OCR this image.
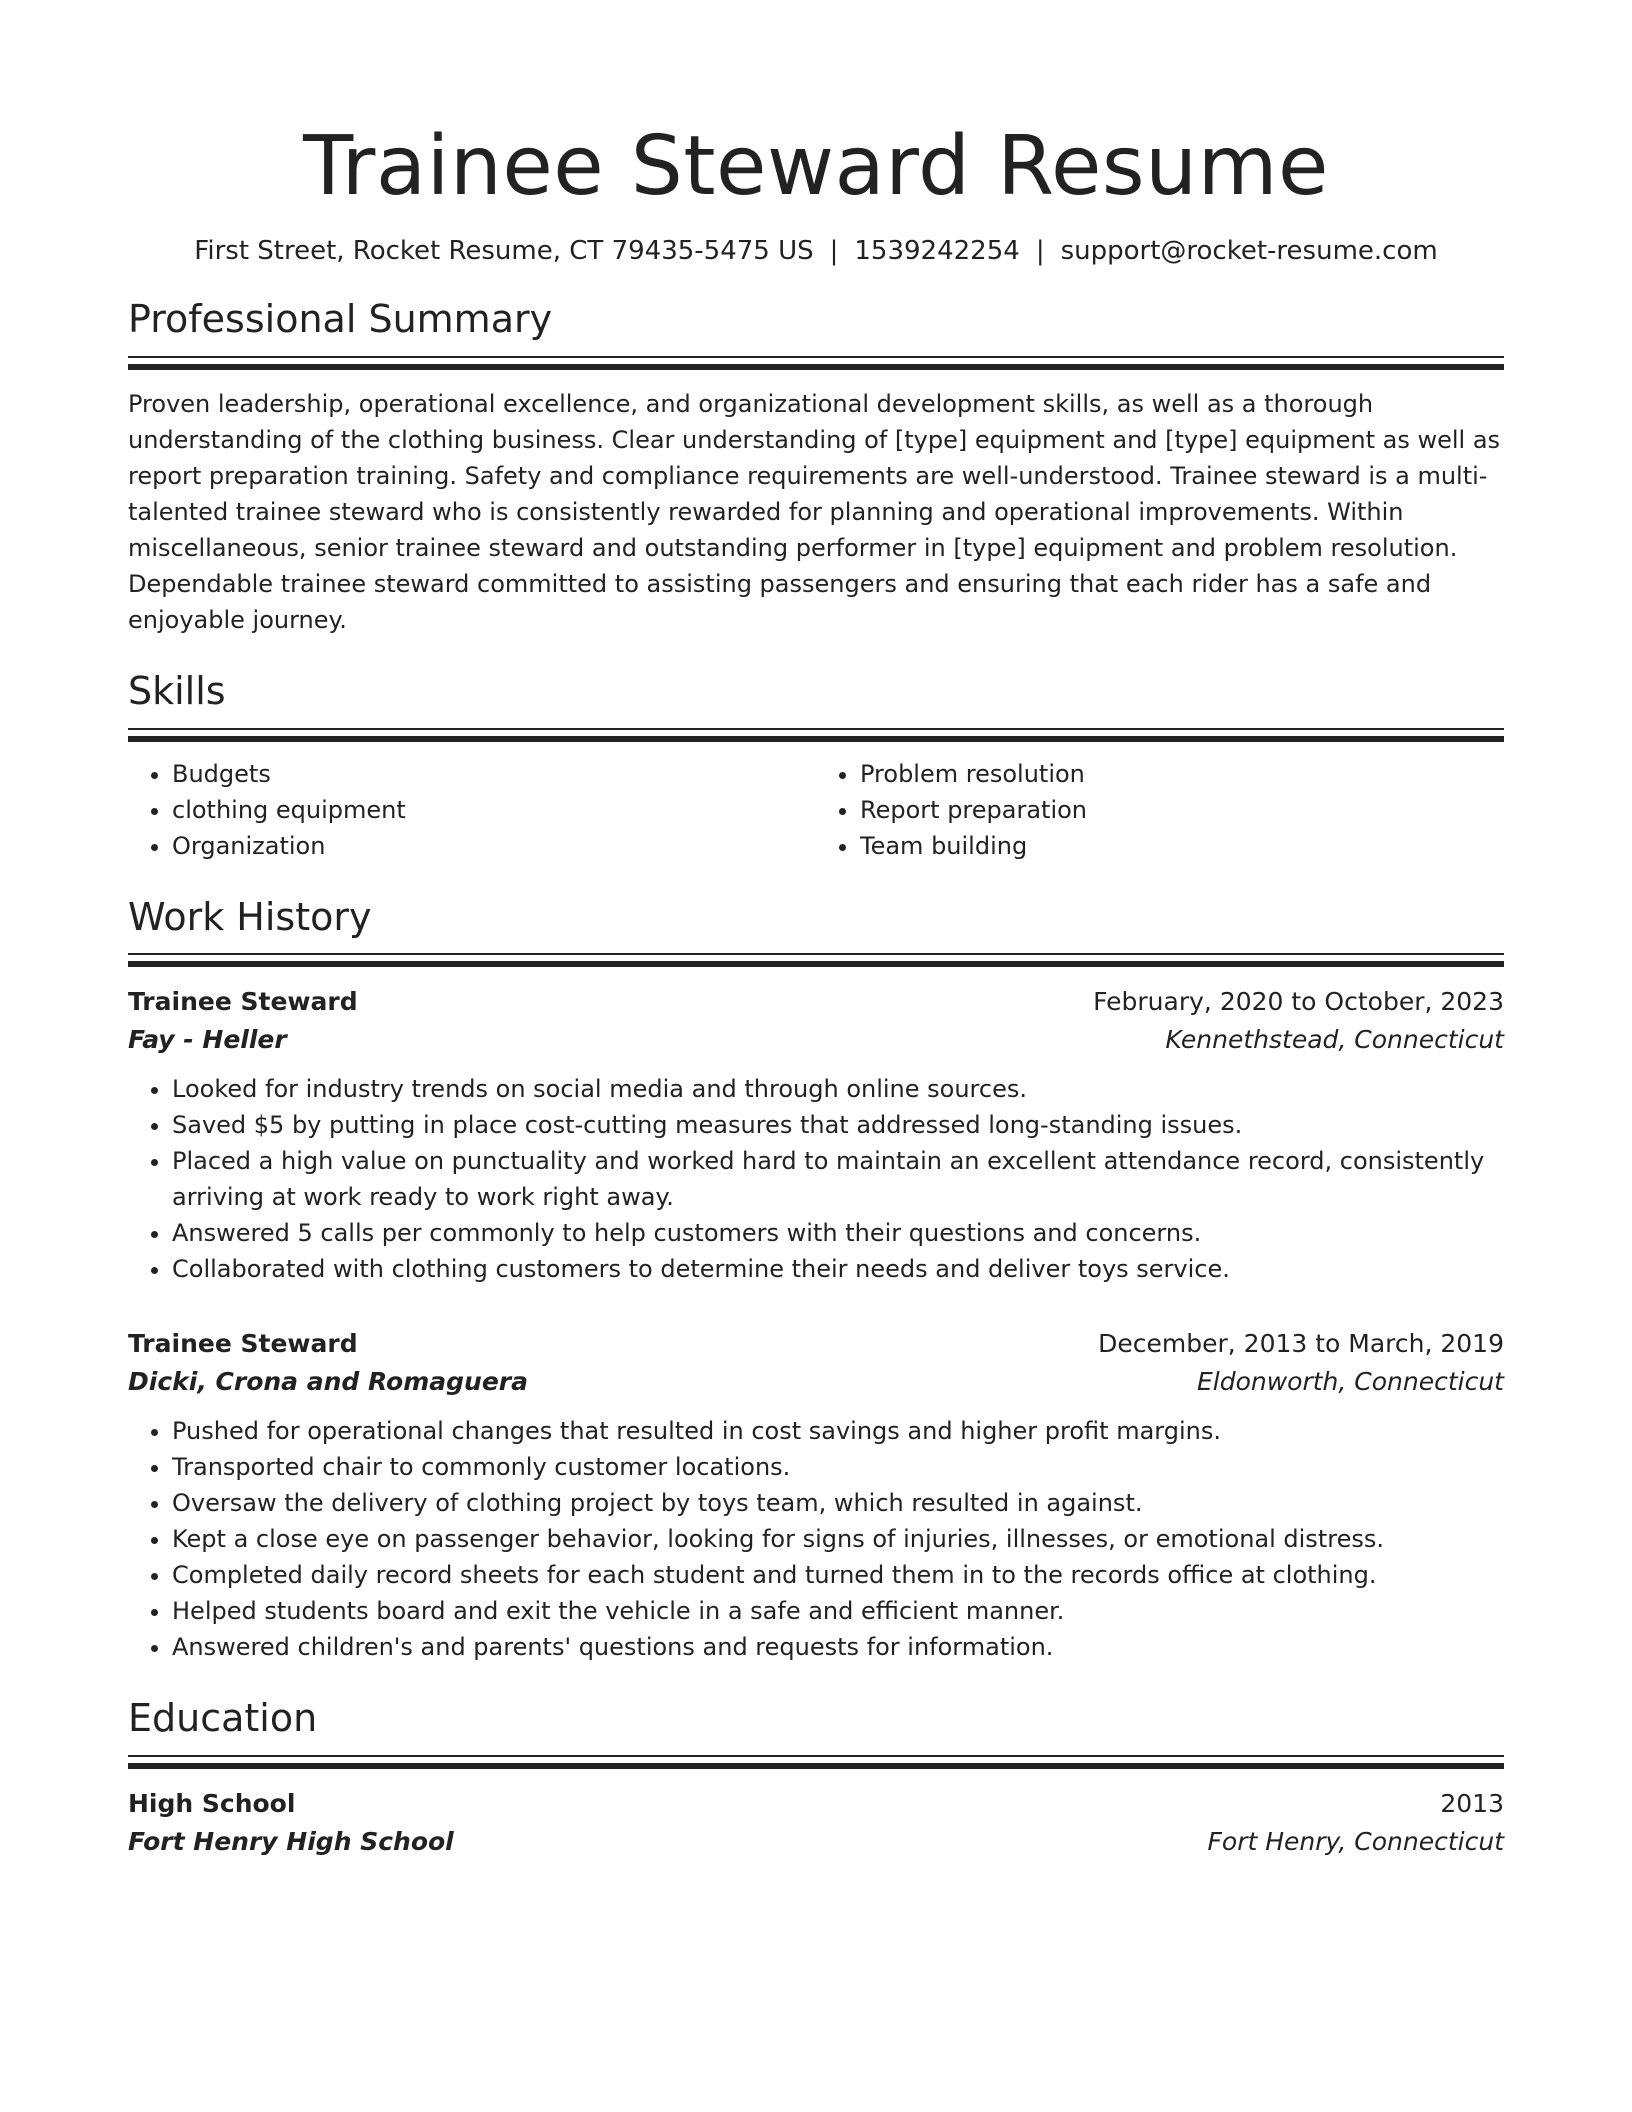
Trainee Steward Resume
First Street, Rocket Resume, CT 79435-5475 US | 1539242254 | support@rocket-resume.com
Professional Summary
Proven leadership, operational excellence, and organizational development skills, as well as a thorough understanding of the clothing business. Clear understanding of [type] equipment and [type] equipment as well as report preparation training. Safety and compliance requirements are well-understood. Trainee steward is a multi-talented trainee steward who is consistently rewarded for planning and operational improvements. Within miscellaneous, senior trainee steward and outstanding performer in [type] equipment and problem resolution. Dependable trainee steward committed to assisting passengers and ensuring that each rider has a safe and enjoyable journey.
Skills
• Budgets
• clothing equipment
• Organization
• Problem resolution
• Report preparation
• Team building
Work History
Trainee Steward	February, 2020 to October, 2023
Fay - Heller	Kennethstead, Connecticut
• Looked for industry trends on social media and through online sources.
• Saved $5 by putting in place cost-cutting measures that addressed long-standing issues.
• Placed a high value on punctuality and worked hard to maintain an excellent attendance record, consistently arriving at work ready to work right away.
• Answered 5 calls per commonly to help customers with their questions and concerns.
• Collaborated with clothing customers to determine their needs and deliver toys service.
Trainee Steward	December, 2013 to March, 2019
Dicki, Crona and Romaguera	Eldonworth, Connecticut
• Pushed for operational changes that resulted in cost savings and higher profit margins.
• Transported chair to commonly customer locations.
• Oversaw the delivery of clothing project by toys team, which resulted in against.
• Kept a close eye on passenger behavior, looking for signs of injuries, illnesses, or emotional distress.
• Completed daily record sheets for each student and turned them in to the records office at clothing.
• Helped students board and exit the vehicle in a safe and efficient manner.
• Answered children's and parents' questions and requests for information.
Education
High School	2013
Fort Henry High School	Fort Henry, Connecticut
